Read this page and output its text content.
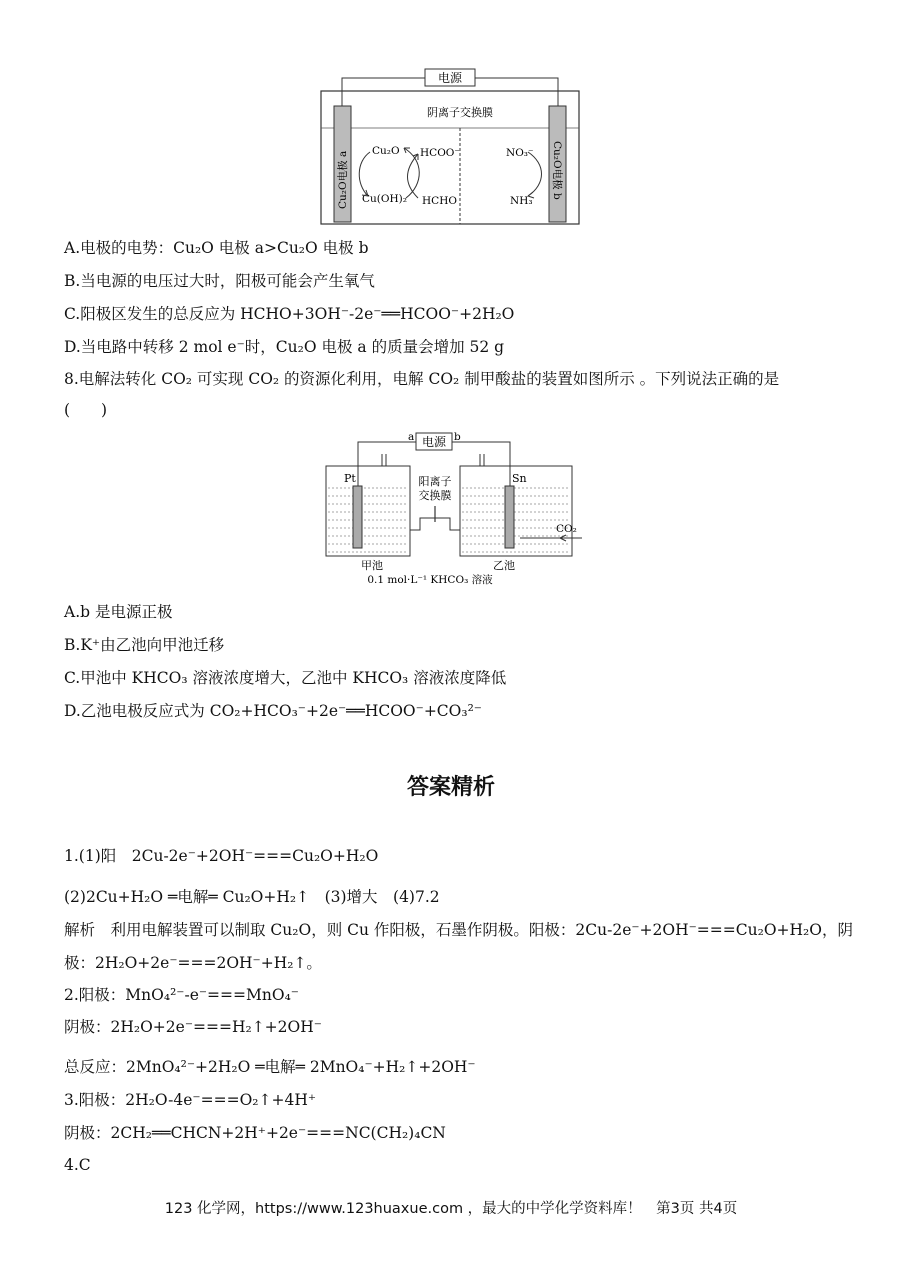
电源
阴离子交换膜
Cu₂O电极 a	Cu₂O电极 b
Cu₂O
Cu(OH)₂
HCOO⁻
HCHO
NO₃⁻
NH₃
A.电极的电势：Cu₂O 电极 a>Cu₂O 电极 b
B.当电源的电压过大时，阳极可能会产生氧气
C.阳极区发生的总反应为 HCHO+3OH⁻-2e⁻══HCOO⁻+2H₂O
D.当电路中转移 2 mol e⁻时，Cu₂O 电极 a 的质量会增加 52 g
8.电解法转化 CO₂ 可实现 CO₂ 的资源化利用，电解 CO₂ 制甲酸盐的装置如图所示 。下列说法正确的是
(　　)
电源
a	b
Pt	Sn
阳离子
交换膜
CO₂
甲池	乙池
0.1 mol·L⁻¹ KHCO₃ 溶液
A.b 是电源正极
B.K⁺由乙池向甲池迁移
C.甲池中 KHCO₃ 溶液浓度增大，乙池中 KHCO₃ 溶液浓度降低
D.乙池电极反应式为 CO₂+HCO₃⁻+2e⁻══HCOO⁻+CO₃²⁻
答案精析
1.(1)阳　2Cu-2e⁻+2OH⁻===Cu₂O+H₂O
(2)2Cu+H₂O ═电解═ Cu₂O+H₂↑　(3)增大　(4)7.2
解析　利用电解装置可以制取 Cu₂O，则 Cu 作阳极，石墨作阴极。阳极：2Cu-2e⁻+2OH⁻===Cu₂O+H₂O，阴
极：2H₂O+2e⁻===2OH⁻+H₂↑。
2.阳极：MnO₄²⁻-e⁻===MnO₄⁻
阴极：2H₂O+2e⁻===H₂↑+2OH⁻
总反应：2MnO₄²⁻+2H₂O ═电解═ 2MnO₄⁻+H₂↑+2OH⁻
3.阳极：2H₂O-4e⁻===O₂↑+4H⁺
阴极：2CH₂══CHCN+2H⁺+2e⁻===NC(CH₂)₄CN
4.C
123 化学网，https://www.123huaxue.com ，最大的中学化学资料库！　第3页 共4页
